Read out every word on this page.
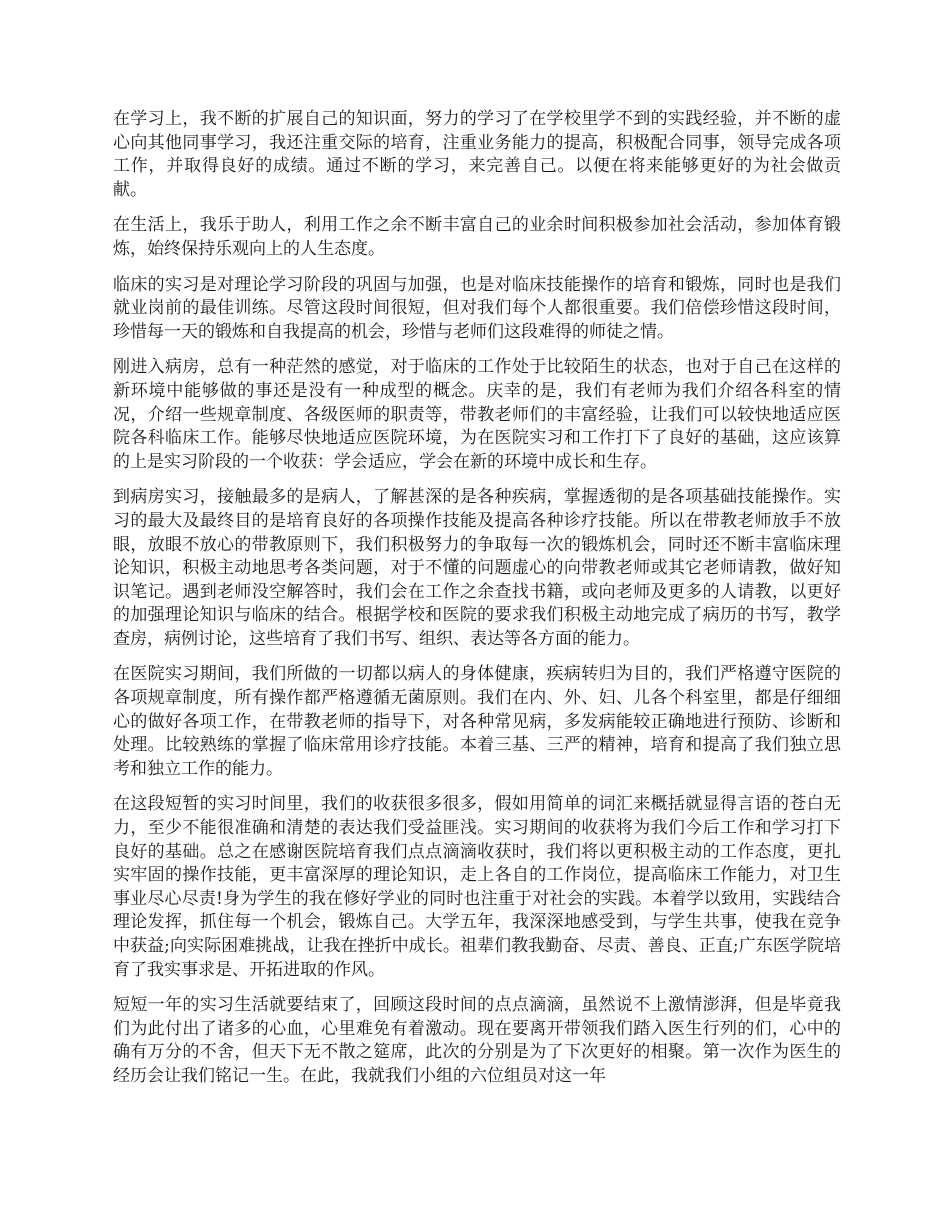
在学习上，我不断的扩展自己的知识面，努力的学习了在学校里学不到的实践经验，并不断的虚心向其他同事学习，我还注重交际的培育，注重业务能力的提高，积极配合同事，领导完成各项工作，并取得良好的成绩。通过不断的学习，来完善自己。以便在将来能够更好的为社会做贡献。

在生活上，我乐于助人，利用工作之余不断丰富自己的业余时间积极参加社会活动，参加体育锻炼，始终保持乐观向上的人生态度。

临床的实习是对理论学习阶段的巩固与加强，也是对临床技能操作的培育和锻炼，同时也是我们就业岗前的最佳训练。尽管这段时间很短，但对我们每个人都很重要。我们倍偿珍惜这段时间，珍惜每一天的锻炼和自我提高的机会，珍惜与老师们这段难得的师徒之情。

刚进入病房，总有一种茫然的感觉，对于临床的工作处于比较陌生的状态，也对于自己在这样的新环境中能够做的事还是没有一种成型的概念。庆幸的是，我们有老师为我们介绍各科室的情况，介绍一些规章制度、各级医师的职责等，带教老师们的丰富经验，让我们可以较快地适应医院各科临床工作。能够尽快地适应医院环境，为在医院实习和工作打下了良好的基础，这应该算的上是实习阶段的一个收获：学会适应，学会在新的环境中成长和生存。

到病房实习，接触最多的是病人，了解甚深的是各种疾病，掌握透彻的是各项基础技能操作。实习的最大及最终目的是培育良好的各项操作技能及提高各种诊疗技能。所以在带教老师放手不放眼，放眼不放心的带教原则下，我们积极努力的争取每一次的锻炼机会，同时还不断丰富临床理论知识，积极主动地思考各类问题，对于不懂的问题虚心的向带教老师或其它老师请教，做好知识笔记。遇到老师没空解答时，我们会在工作之余查找书籍，或向老师及更多的人请教，以更好的加强理论知识与临床的结合。根据学校和医院的要求我们积极主动地完成了病历的书写，教学查房，病例讨论，这些培育了我们书写、组织、表达等各方面的能力。

在医院实习期间，我们所做的一切都以病人的身体健康，疾病转归为目的，我们严格遵守医院的各项规章制度，所有操作都严格遵循无菌原则。我们在内、外、妇、儿各个科室里，都是仔细细心的做好各项工作，在带教老师的指导下，对各种常见病，多发病能较正确地进行预防、诊断和处理。比较熟练的掌握了临床常用诊疗技能。本着三基、三严的精神，培育和提高了我们独立思考和独立工作的能力。

在这段短暂的实习时间里，我们的收获很多很多，假如用简单的词汇来概括就显得言语的苍白无力，至少不能很准确和清楚的表达我们受益匪浅。实习期间的收获将为我们今后工作和学习打下良好的基础。总之在感谢医院培育我们点点滴滴收获时，我们将以更积极主动的工作态度，更扎实牢固的操作技能，更丰富深厚的理论知识，走上各自的工作岗位，提高临床工作能力，对卫生事业尽心尽责!身为学生的我在修好学业的同时也注重于对社会的实践。本着学以致用，实践结合理论发挥，抓住每一个机会，锻炼自己。大学五年，我深深地感受到，与学生共事，使我在竞争中获益;向实际困难挑战，让我在挫折中成长。祖辈们教我勤奋、尽责、善良、正直;广东医学院培育了我实事求是、开拓进取的作风。

短短一年的实习生活就要结束了，回顾这段时间的点点滴滴，虽然说不上激情澎湃，但是毕竟我们为此付出了诸多的心血，心里难免有着激动。现在要离开带领我们踏入医生行列的们，心中的确有万分的不舍，但天下无不散之筵席，此次的分别是为了下次更好的相聚。第一次作为医生的经历会让我们铭记一生。在此，我就我们小组的六位组员对这一年
